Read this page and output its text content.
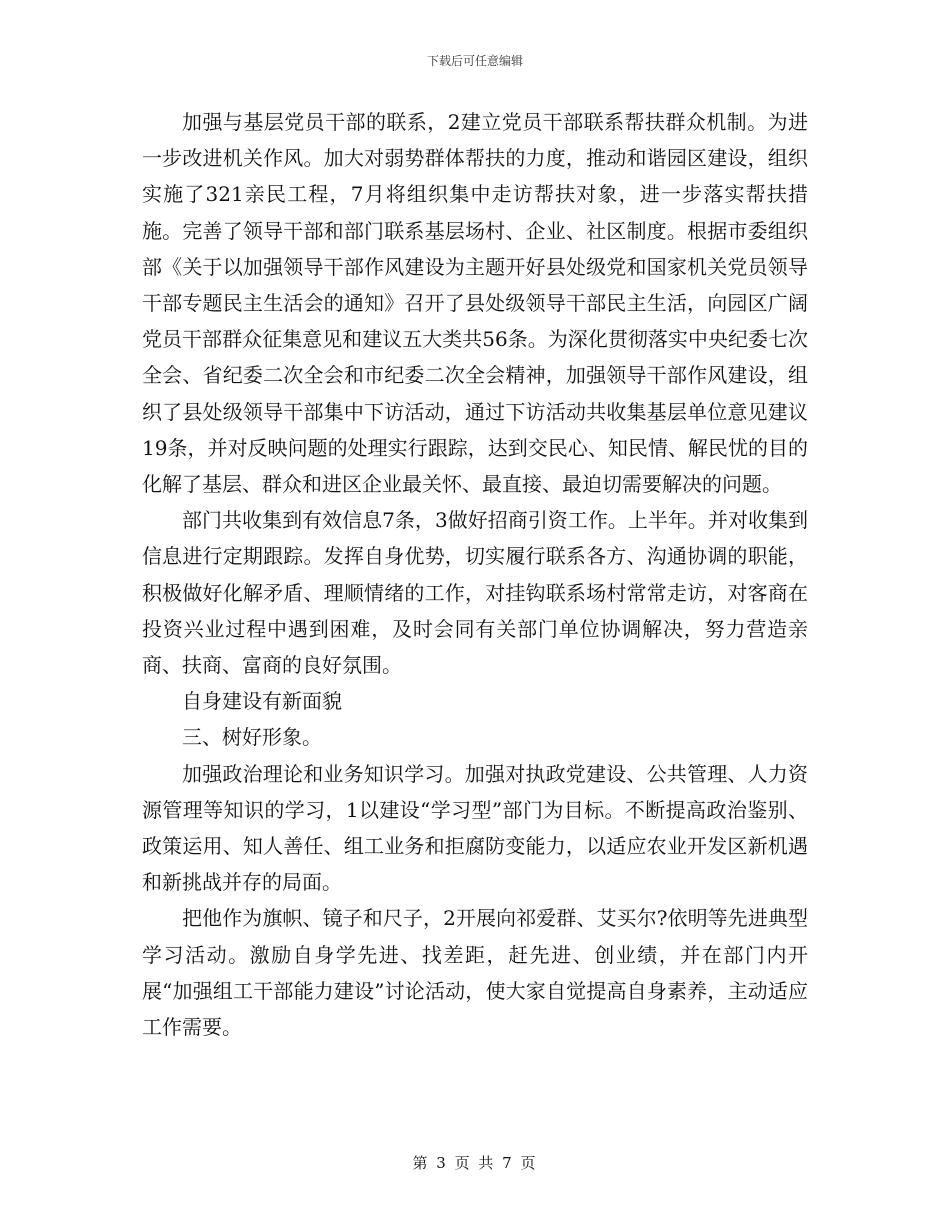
下载后可任意编辑

加强与基层党员干部的联系，2建立党员干部联系帮扶群众机制。为进一步改进机关作风。加大对弱势群体帮扶的力度，推动和谐园区建设，组织实施了321亲民工程，7月将组织集中走访帮扶对象，进一步落实帮扶措施。完善了领导干部和部门联系基层场村、企业、社区制度。根据市委组织部《关于以加强领导干部作风建设为主题开好县处级党和国家机关党员领导干部专题民主生活会的通知》召开了县处级领导干部民主生活，向园区广阔党员干部群众征集意见和建议五大类共56条。为深化贯彻落实中央纪委七次全会、省纪委二次全会和市纪委二次全会精神，加强领导干部作风建设，组织了县处级领导干部集中下访活动，通过下访活动共收集基层单位意见建议19条，并对反映问题的处理实行跟踪，达到交民心、知民情、解民忧的目的化解了基层、群众和进区企业最关怀、最直接、最迫切需要解决的问题。

部门共收集到有效信息7条，3做好招商引资工作。上半年。并对收集到信息进行定期跟踪。发挥自身优势，切实履行联系各方、沟通协调的职能，积极做好化解矛盾、理顺情绪的工作，对挂钩联系场村常常走访，对客商在投资兴业过程中遇到困难，及时会同有关部门单位协调解决，努力营造亲商、扶商、富商的良好氛围。

自身建设有新面貌

三、树好形象。

加强政治理论和业务知识学习。加强对执政党建设、公共管理、人力资源管理等知识的学习，1以建设“学习型”部门为目标。不断提高政治鉴别、政策运用、知人善任、组工业务和拒腐防变能力，以适应农业开发区新机遇和新挑战并存的局面。

把他作为旗帜、镜子和尺子，2开展向祁爱群、艾买尔?依明等先进典型学习活动。激励自身学先进、找差距，赶先进、创业绩，并在部门内开展“加强组工干部能力建设”讨论活动，使大家自觉提高自身素养，主动适应工作需要。

第 3 页 共 7 页
